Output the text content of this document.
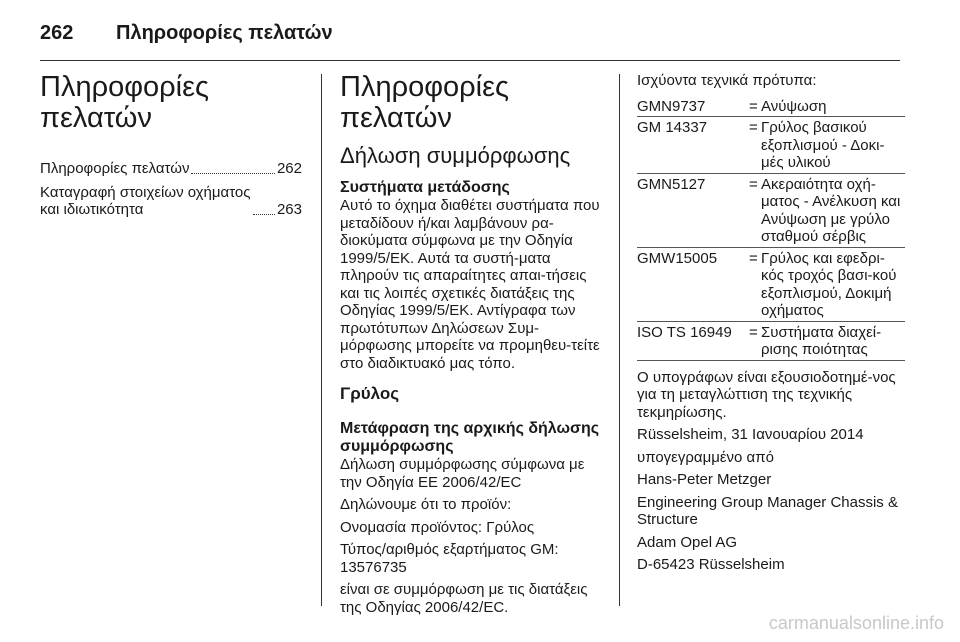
262 Πληροφορίες πελατών
Πληροφορίες πελατών
Πληροφορίες πελατών	262
Καταγραφή στοιχείων οχήματος
και ιδιωτικότητα	263
Πληροφορίες πελατών
Δήλωση συμμόρφωσης
Συστήματα μετάδοσης

Αυτό το όχημα διαθέτει συστήματα που μεταδίδουν ή/και λαμβάνουν ρα-διοκύματα σύμφωνα με την Οδηγία 1999/5/ΕΚ. Αυτά τα συστή-ματα πληρούν τις απαραίτητες απαι-τήσεις και τις λοιπές σχετικές διατάξεις της Οδηγίας 1999/5/ΕΚ. Αντίγραφα των πρωτότυπων Δηλώσεων Συμ-μόρφωσης μπορείτε να προμηθευ-τείτε στο διαδικτυακό μας τόπο.

Γρύλος
Μετάφραση της αρχικής δήλωσης συμμόρφωσης

Δήλωση συμμόρφωσης σύμφωνα με την Οδηγία ΕΕ 2006/42/EC

Δηλώνουμε ότι το προϊόν:

Ονομασία προϊόντος: Γρύλος

Τύπος/αριθμός εξαρτήματος GM: 13576735

είναι σε συμμόρφωση με τις διατάξεις της Οδηγίας 2006/42/EC.

Ισχύοντα τεχνικά πρότυπα:

GMN9737	= Ανύψωση
GM 14337	= Γρύλος βασικού εξοπλισμού - Δοκι-μές υλικού
GMN5127	= Ακεραιότητα οχή-ματος - Ανέλκυση και Ανύψωση με γρύλο σταθμού σέρβις
GMW15005	= Γρύλος και εφεδρι-κός τροχός βασι-κού εξοπλισμού, Δοκιμή οχήματος
ISO TS 16949	= Συστήματα διαχεί-ρισης ποιότητας

Ο υπογράφων είναι εξουσιοδοτημέ-νος για τη μεταγλώττιση της τεχνικής τεκμηρίωσης.

Rüsselsheim, 31 Ιανουαρίου 2014

υπογεγραμμένο από

Hans-Peter Metzger

Engineering Group Manager Chassis & Structure

Adam Opel AG

D-65423 Rüsselsheim

carmanualsonline.info
